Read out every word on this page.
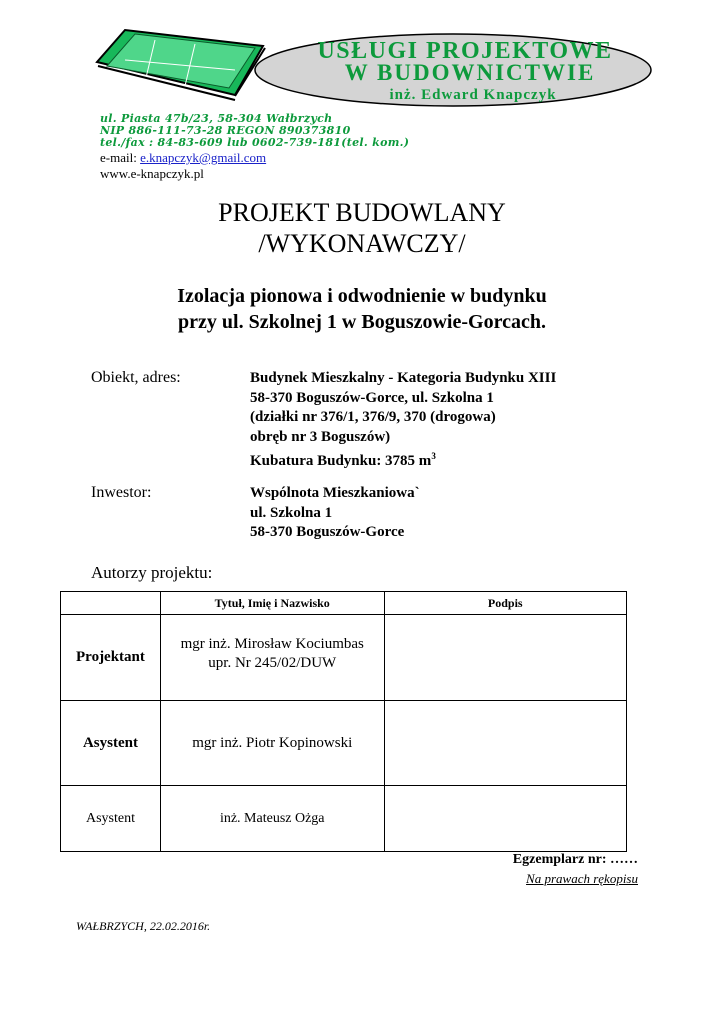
USŁUGI PROJEKTOWE
W BUDOWNICTWIE
inż. Edward Knapczyk
ul. Piasta 47b/23, 58-304 Wałbrzych
NIP 886-111-73-28 REGON 890373810
tel./fax : 84-83-609 lub 0602-739-181(tel. kom.)
e-mail: e.knapczyk@gmail.com
www.e-knapczyk.pl
PROJEKT BUDOWLANY
/WYKONAWCZY/
Izolacja pionowa i odwodnienie w budynku
przy ul. Szkolnej 1 w Boguszowie-Gorcach.
Obiekt, adres:	Budynek Mieszkalny - Kategoria Budynku XIII
58-370 Boguszów-Gorce, ul. Szkolna 1
(działki nr 376/1, 376/9, 370 (drogowa)
obręb nr 3 Boguszów)
Kubatura Budynku: 3785 $m^3$
Inwestor:	Wspólnota Mieszkaniowa`
ul. Szkolna 1
58-370 Boguszów-Gorce
Autorzy projektu:
	Tytuł, Imię i Nazwisko	Podpis
Projektant	mgr inż. Mirosław Kociumbas
upr. Nr 245/02/DUW	

Asystent	mgr inż. Piotr Kopinowski	
Asystent	inż. Mateusz Ożga	
Egzemplarz nr: ……
Na prawach rękopisu
WAŁBRZYCH, 22.02.2016r.
